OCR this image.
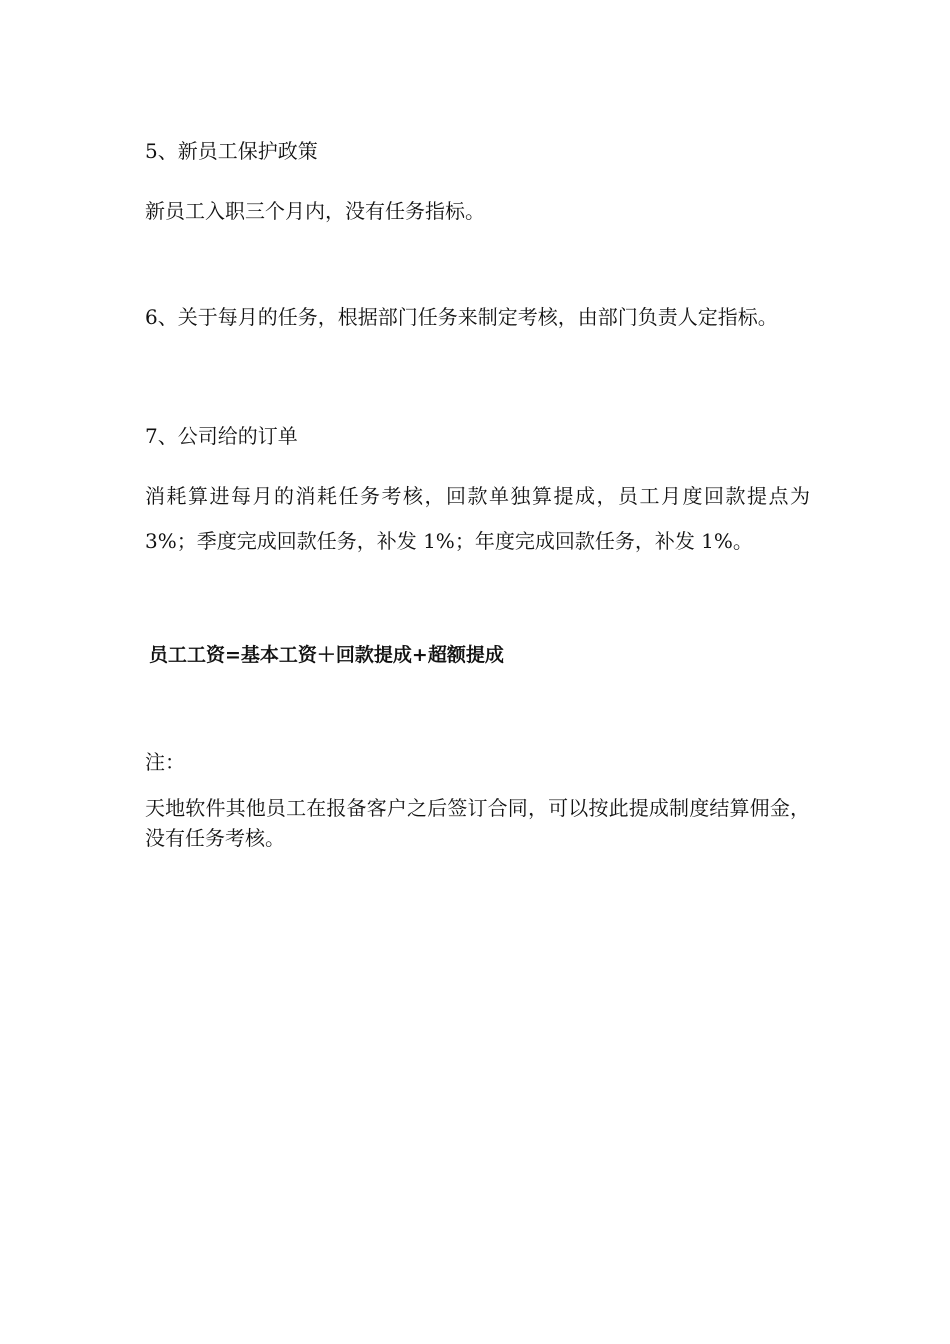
5、新员工保护政策
新员工入职三个月内，没有任务指标。
6、关于每月的任务，根据部门任务来制定考核，由部门负责人定指标。
7、公司给的订单
消耗算进每月的消耗任务考核，回款单独算提成，员工月度回款提点为 3%；季度完成回款任务，补发 1%；年度完成回款任务，补发 1%。
员工工资=基本工资＋回款提成+超额提成
注：
天地软件其他员工在报备客户之后签订合同，可以按此提成制度结算佣金，没有任务考核。
